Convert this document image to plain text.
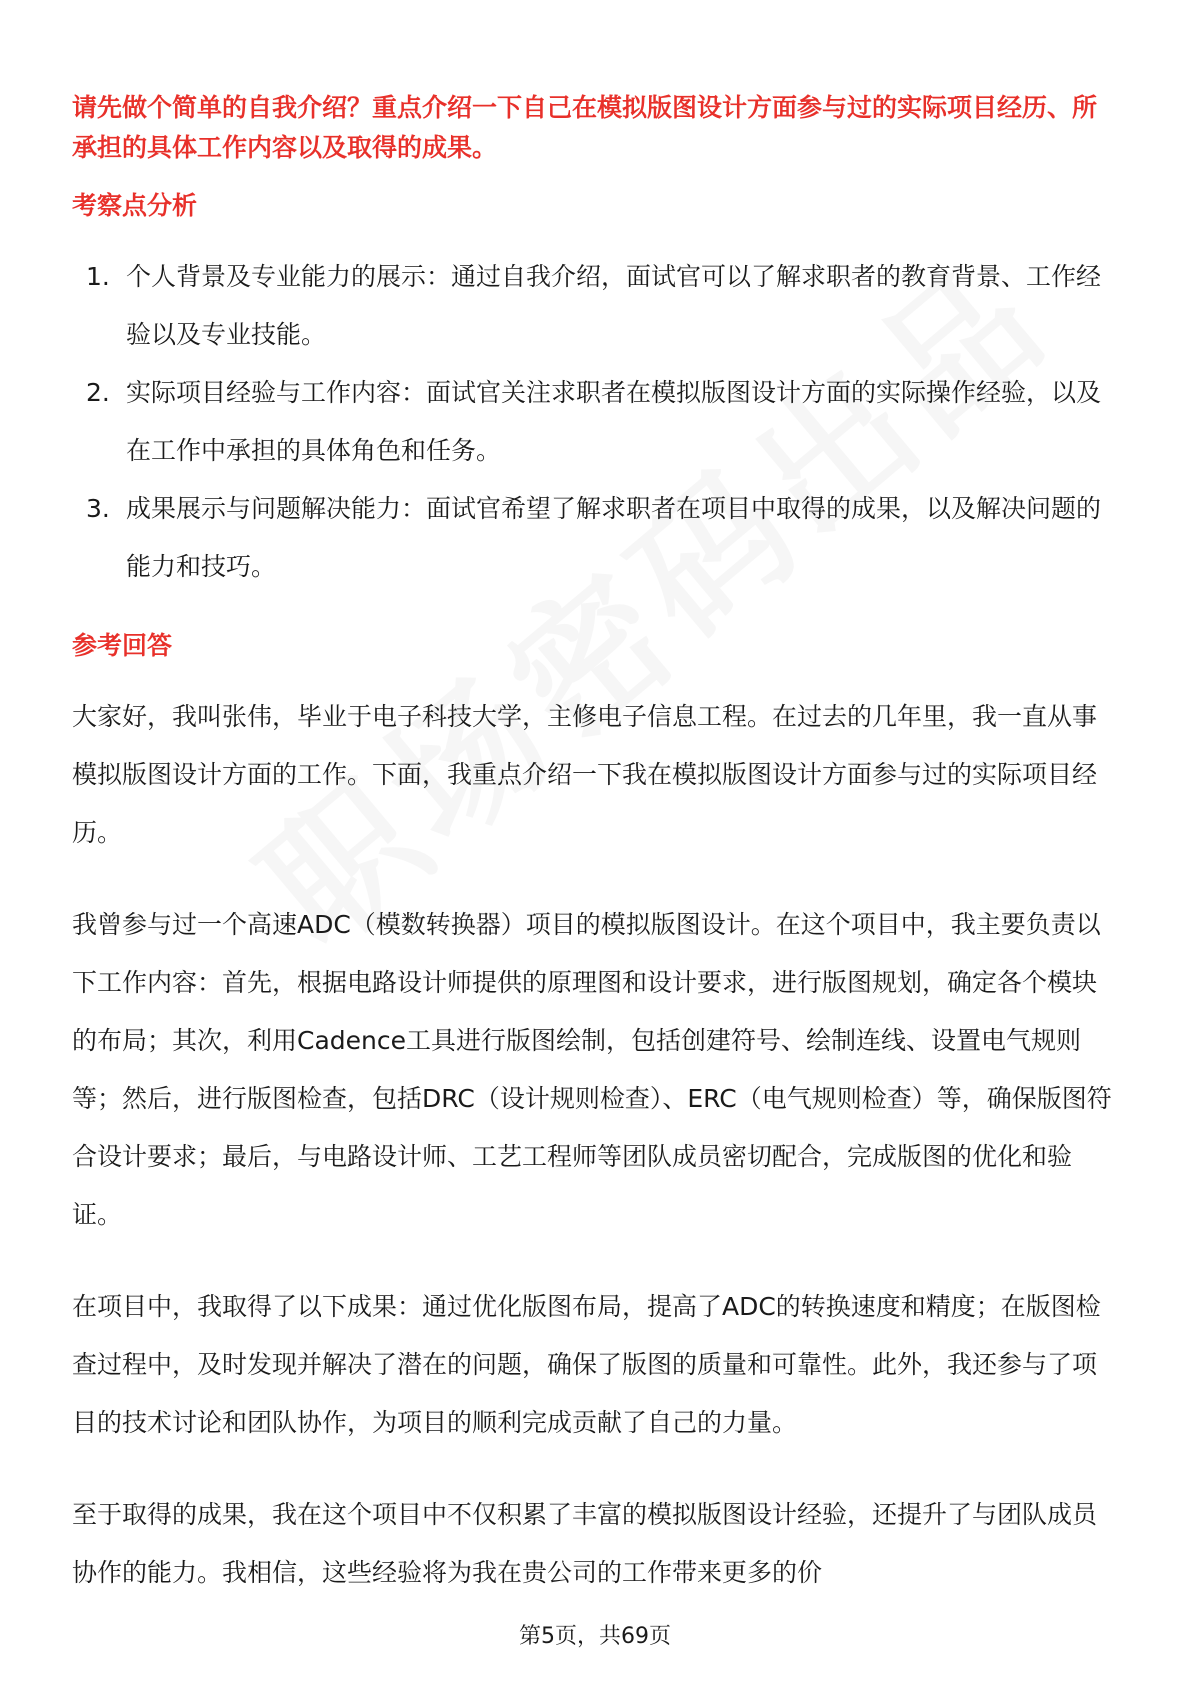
请先做个简单的自我介绍？重点介绍一下自己在模拟版图设计方面参与过的实际项目经历、所承担的具体工作内容以及取得的成果。

考察点分析
1. 个人背景及专业能力的展示：通过自我介绍，面试官可以了解求职者的教育背景、工作经验以及专业技能。
2. 实际项目经验与工作内容：面试官关注求职者在模拟版图设计方面的实际操作经验，以及在工作中承担的具体角色和任务。
3. 成果展示与问题解决能力：面试官希望了解求职者在项目中取得的成果，以及解决问题的能力和技巧。
参考回答

大家好，我叫张伟，毕业于电子科技大学，主修电子信息工程。在过去的几年里，我一直从事模拟版图设计方面的工作。下面，我重点介绍一下我在模拟版图设计方面参与过的实际项目经历。

我曾参与过一个高速ADC（模数转换器）项目的模拟版图设计。在这个项目中，我主要负责以下工作内容：首先，根据电路设计师提供的原理图和设计要求，进行版图规划，确定各个模块的布局；其次，利用Cadence工具进行版图绘制，包括创建符号、绘制连线、设置电气规则等；然后，进行版图检查，包括DRC（设计规则检查）、ERC（电气规则检查）等，确保版图符合设计要求；最后，与电路设计师、工艺工程师等团队成员密切配合，完成版图的优化和验证。

在项目中，我取得了以下成果：通过优化版图布局，提高了ADC的转换速度和精度；在版图检查过程中，及时发现并解决了潜在的问题，确保了版图的质量和可靠性。此外，我还参与了项目的技术讨论和团队协作，为项目的顺利完成贡献了自己的力量。

至于取得的成果，我在这个项目中不仅积累了丰富的模拟版图设计经验，还提升了与团队成员协作的能力。我相信，这些经验将为我在贵公司的工作带来更多的价

第5页，共69页
